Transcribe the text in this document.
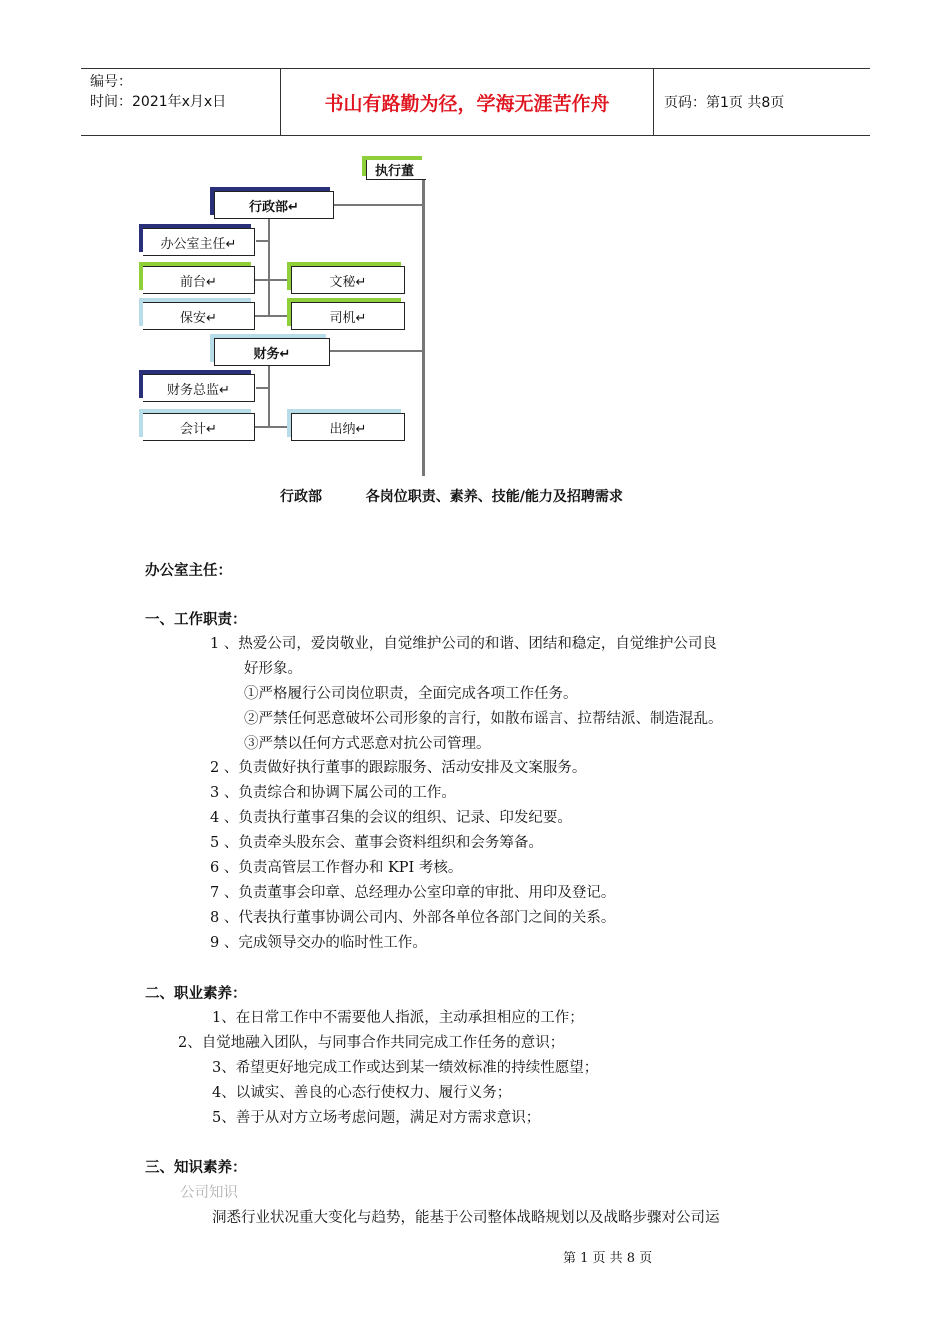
编号：
时间：2021年x月x日	书山有路勤为径，学海无涯苦作舟	页码：第1页 共8页
执行董
行政部↵
办公室主任↵
前台↵	文秘↵
保安↵	司机↵
财务↵
财务总监↵
会计↵	出纳↵
行政部	各岗位职责、素养、技能/能力及招聘需求
办公室主任：
一、工作职责：
1 、热爱公司，爱岗敬业，自觉维护公司的和谐、团结和稳定，自觉维护公司良
好形象。
①严格履行公司岗位职责，全面完成各项工作任务。
②严禁任何恶意破坏公司形象的言行，如散布谣言、拉帮结派、制造混乱。
③严禁以任何方式恶意对抗公司管理。
2 、负责做好执行董事的跟踪服务、活动安排及文案服务。
3 、负责综合和协调下属公司的工作。
4 、负责执行董事召集的会议的组织、记录、印发纪要。
5 、负责牵头股东会、董事会资料组织和会务筹备。
6 、负责高管层工作督办和 KPI 考核。
7 、负责董事会印章、总经理办公室印章的审批、用印及登记。
8 、代表执行董事协调公司内、外部各单位各部门之间的关系。
9 、完成领导交办的临时性工作。
二、职业素养：
1、在日常工作中不需要他人指派，主动承担相应的工作；
2、自觉地融入团队，与同事合作共同完成工作任务的意识；
3、希望更好地完成工作或达到某一绩效标准的持续性愿望；
4、以诚实、善良的心态行使权力、履行义务；
5、善于从对方立场考虑问题，满足对方需求意识；
三、知识素养：
公司知识
洞悉行业状况重大变化与趋势，能基于公司整体战略规划以及战略步骤对公司运
第 1 页 共 8 页
